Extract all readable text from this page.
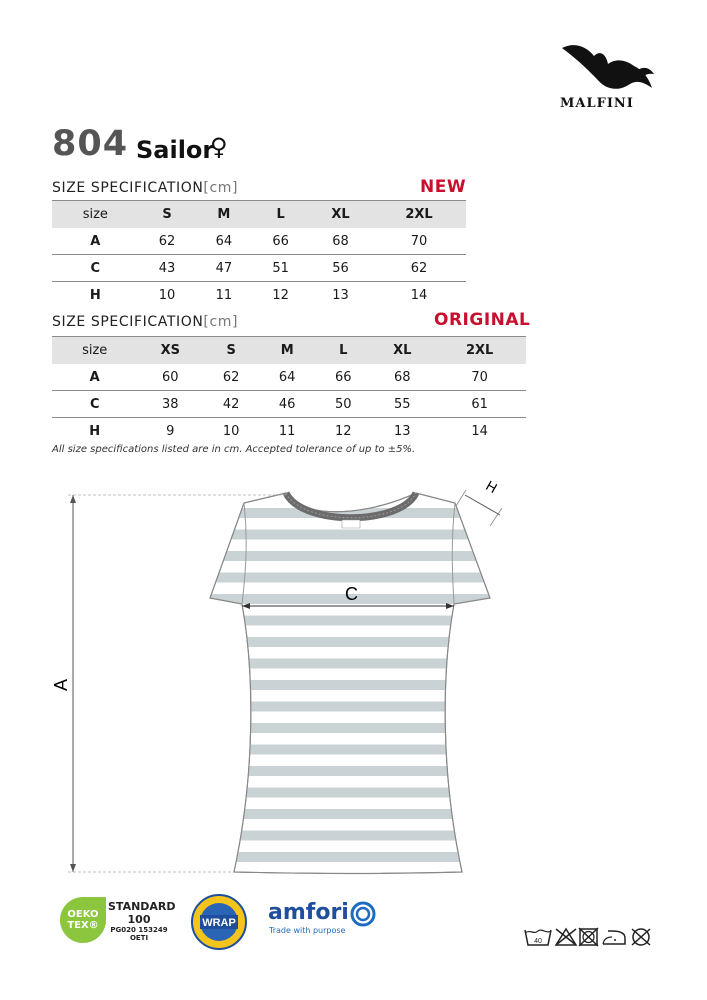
MALFINI
804 Sailor
♀
SIZE SPECIFICATION[cm]	NEW
size	S	M	L	XL	2XL
A	62	64	66	68	70
C	43	47	51	56	62
H	10	11	12	13	14
SIZE SPECIFICATION[cm]	ORIGINAL
size	XS	S	M	L	XL	2XL
A	60	62	64	66	68	70
C	38	42	46	50	55	61
H	9	10	11	12	13	14
All size specifications listed are in cm. Accepted tolerance of up to ±5%.
A
C
H
OEKO TEX®
STANDARD
100
PG020 153249
OETI
WRAP amfori
Trade with purpose
40
